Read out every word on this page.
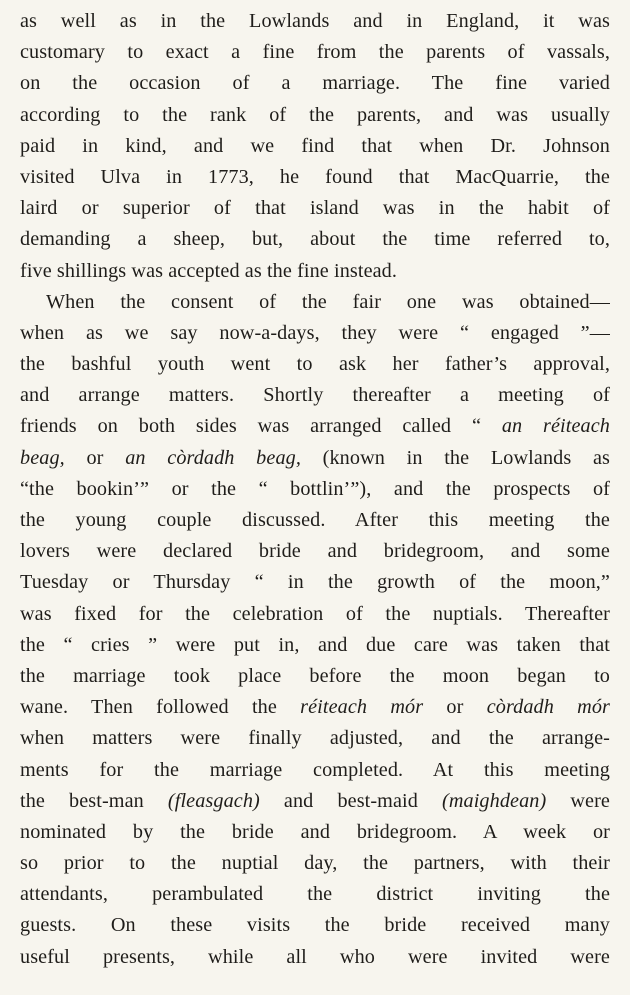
as well as in the Lowlands and in England, it was
customary to exact a fine from the parents of vassals,
on the occasion of a marriage. The fine varied
according to the rank of the parents, and was usually
paid in kind, and we find that when Dr. Johnson
visited Ulva in 1773, he found that MacQuarrie, the
laird or superior of that island was in the habit of
demanding a sheep, but, about the time referred to,
five shillings was accepted as the fine instead.
When the consent of the fair one was obtained—
when as we say now-a-days, they were “ engaged ”—
the bashful youth went to ask her father’s approval,
and arrange matters. Shortly thereafter a meeting of
friends on both sides was arranged called “ an réiteach
beag, or an còrdadh beag, (known in the Lowlands as
“the bookin’” or the “ bottlin’”), and the prospects of
the young couple discussed. After this meeting the
lovers were declared bride and bridegroom, and some
Tuesday or Thursday “ in the growth of the moon,”
was fixed for the celebration of the nuptials. Thereafter
the “ cries ” were put in, and due care was taken that
the marriage took place before the moon began to
wane. Then followed the réiteach mór or còrdadh mór
when matters were finally adjusted, and the arrange-
ments for the marriage completed. At this meeting
the best-man (fleasgach) and best-maid (maighdean) were
nominated by the bride and bridegroom. A week or
so prior to the nuptial day, the partners, with their
attendants, perambulated the district inviting the
guests. On these visits the bride received many
useful presents, while all who were invited were
